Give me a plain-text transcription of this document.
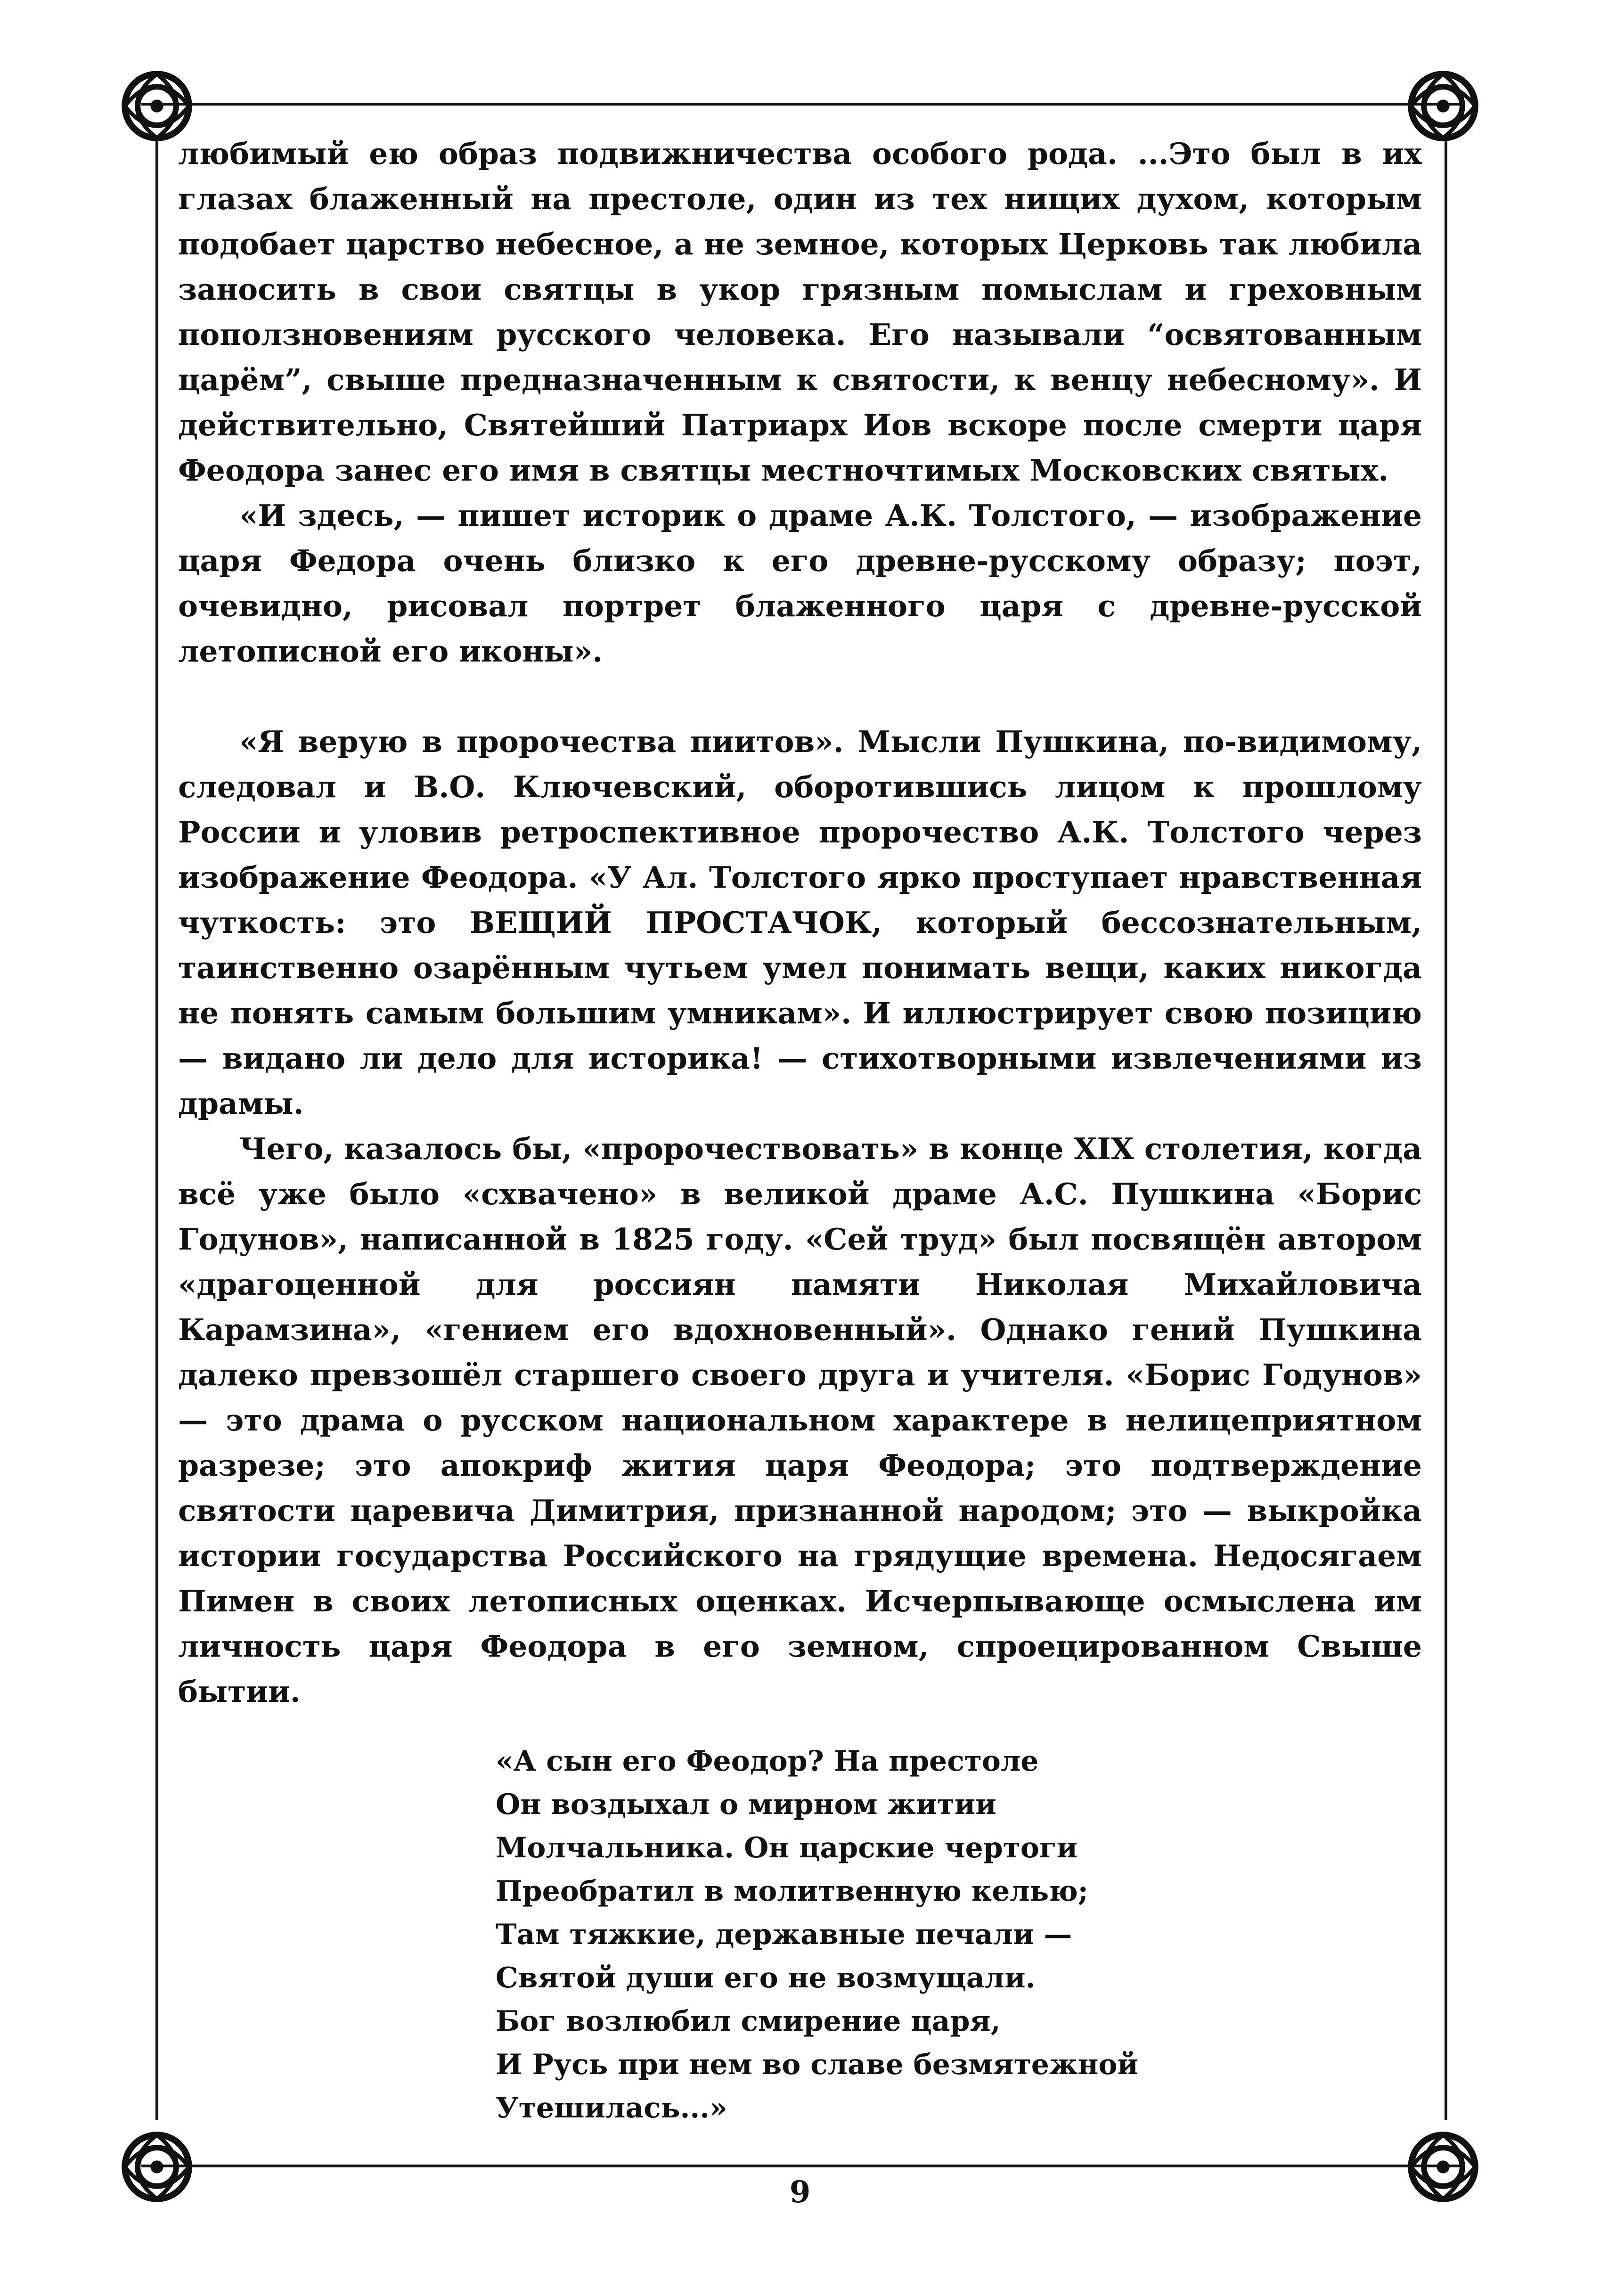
любимый ею образ подвижничества особого рода. ...Это был в их глазах блаженный на престоле, один из тех нищих духом, которым подобает царство небесное, а не земное, которых Церковь так любила заносить в свои святцы в укор грязным помыслам и греховным поползновениям русского человека. Его называли “освятованным царём”, свыше предназначенным к святости, к венцу небесному». И действительно, Святейший Патриарх Иов вскоре после смерти царя Феодора занес его имя в святцы местночтимых Московских святых.

«И здесь, — пишет историк о драме А.К. Толстого, — изображение царя Федора очень близко к его древне-русскому образу; поэт, очевидно, рисовал портрет блаженного царя с древне-русской летописной его иконы».

«Я верую в пророчества пиитов». Мысли Пушкина, по-видимому, следовал и В.О. Ключевский, оборотившись лицом к прошлому России и уловив ретроспективное пророчество А.К. Толстого через изображение Феодора. «У Ал. Толстого ярко проступает нравственная чуткость: это ВЕЩИЙ ПРОСТАЧОК, который бессознательным, таинственно озарённым чутьем умел понимать вещи, каких никогда не понять самым большим умникам». И иллюстрирует свою позицию — видано ли дело для историка! — стихотворными извлечениями из драмы.

Чего, казалось бы, «пророчествовать» в конце XIX столетия, когда всё уже было «схвачено» в великой драме А.С. Пушкина «Борис Годунов», написанной в 1825 году. «Сей труд» был посвящён автором «драгоценной для россиян памяти Николая Михайловича Карамзина», «гением его вдохновенный». Однако гений Пушкина далеко превзошёл старшего своего друга и учителя. «Борис Годунов» — это драма о русском национальном характере в нелицеприятном разрезе; это апокриф жития царя Феодора; это подтверждение святости царевича Димитрия, признанной народом; это — выкройка истории государства Российского на грядущие времена. Недосягаем Пимен в своих летописных оценках. Исчерпывающе осмыслена им личность царя Феодора в его земном, спроецированном Свыше бытии.

«А сын его Феодор? На престоле
Он воздыхал о мирном житии
Молчальника. Он царские чертоги
Преобратил в молитвенную келью;
Там тяжкие, державные печали —
Святой души его не возмущали.
Бог возлюбил смирение царя,
И Русь при нем во славе безмятежной
Утешилась...»
9
